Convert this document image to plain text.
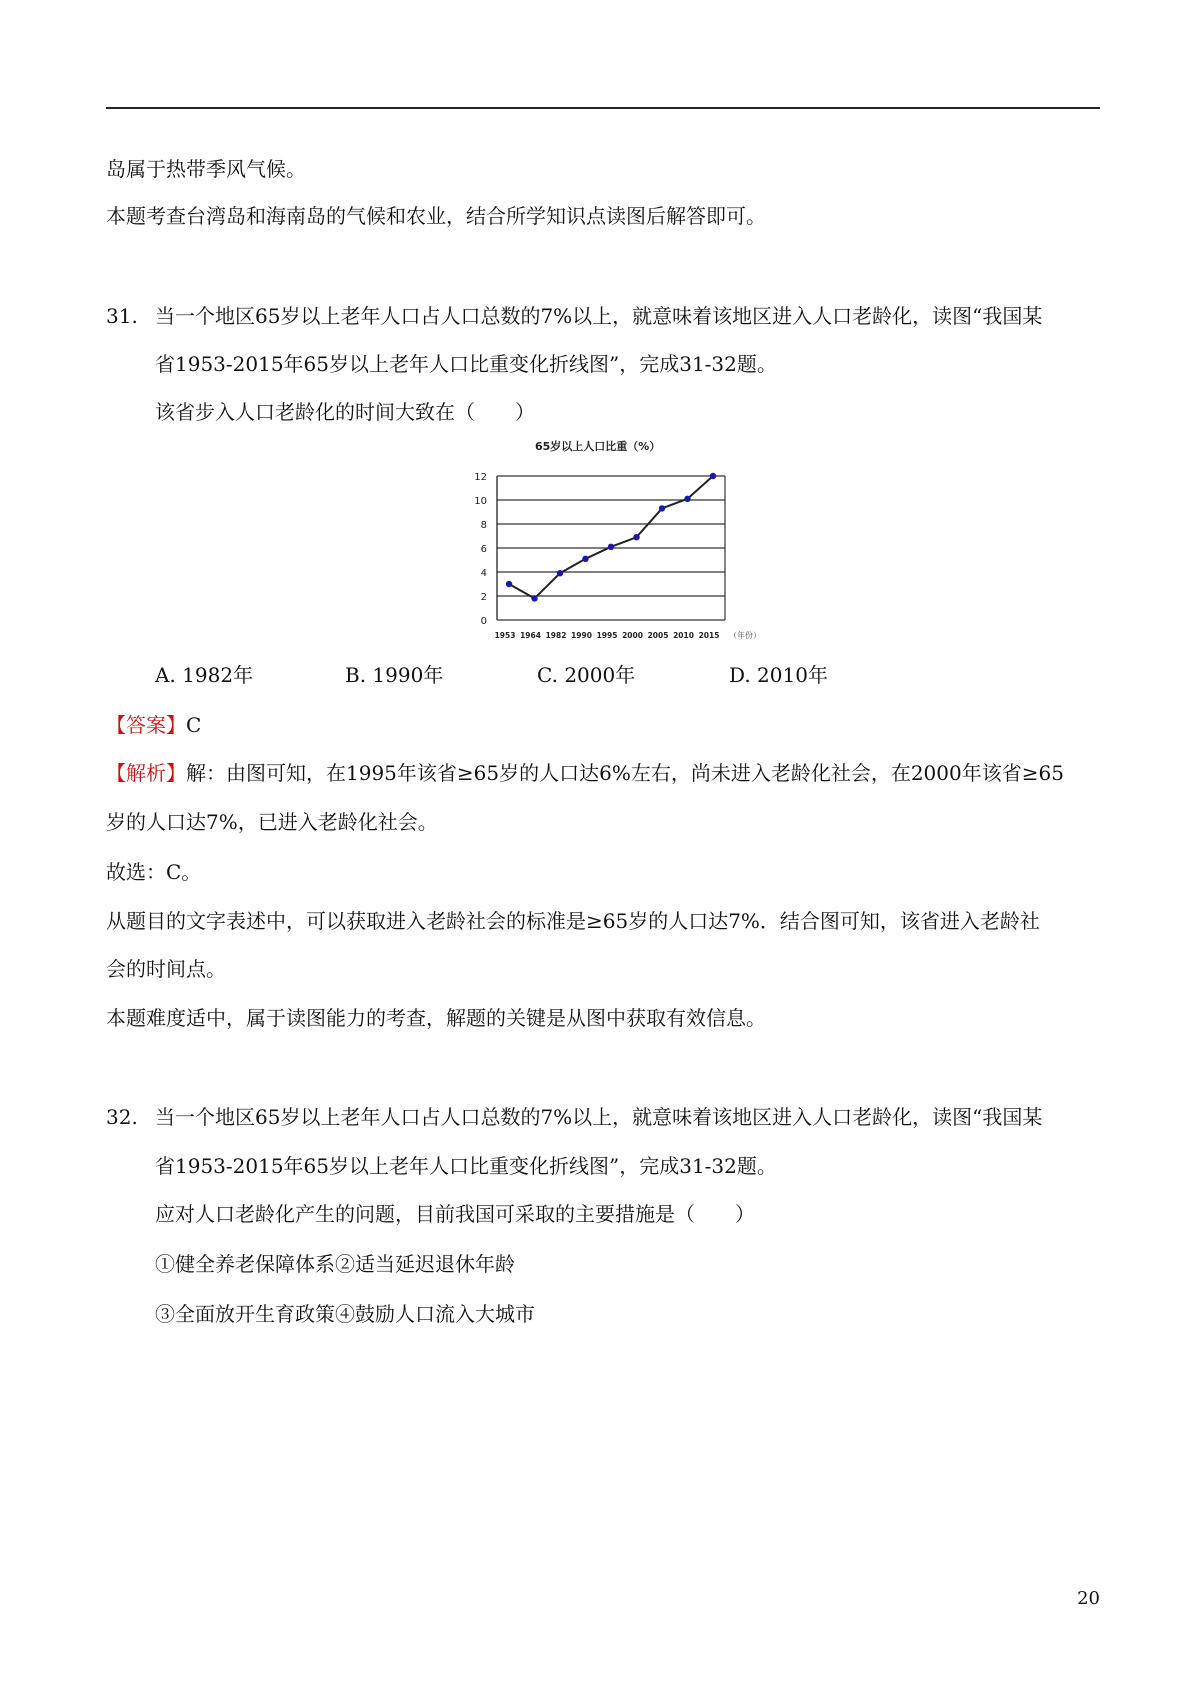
岛属于热带季风气候。
本题考查台湾岛和海南岛的气候和农业，结合所学知识点读图后解答即可。
31. 当一个地区65岁以上老年人口占人口总数的7%以上，就意味着该地区进入人口老龄化，读图“我国某
省1953-2015年65岁以上老年人口比重变化折线图”，完成31-32题。
该省步入人口老龄化的时间大致在（　　）
65岁以上人口比重（%）
0
2
4
6
8
10
12
1953 1964 1982 1990 1995 2000 2005 2010 2015 （年份）
A. 1982年	B. 1990年	C. 2000年	D. 2010年
【答案】C
【解析】解：由图可知，在1995年该省≥65岁的人口达6%左右，尚未进入老龄化社会，在2000年该省≥65
岁的人口达7%，已进入老龄化社会。
故选：C。
从题目的文字表述中，可以获取进入老龄社会的标准是≥65岁的人口达7%．结合图可知，该省进入老龄社
会的时间点。
本题难度适中，属于读图能力的考查，解题的关键是从图中获取有效信息。
32. 当一个地区65岁以上老年人口占人口总数的7%以上，就意味着该地区进入人口老龄化，读图“我国某
省1953-2015年65岁以上老年人口比重变化折线图”，完成31-32题。
应对人口老龄化产生的问题，目前我国可采取的主要措施是（　　）
①健全养老保障体系②适当延迟退休年龄
③全面放开生育政策④鼓励人口流入大城市
20
